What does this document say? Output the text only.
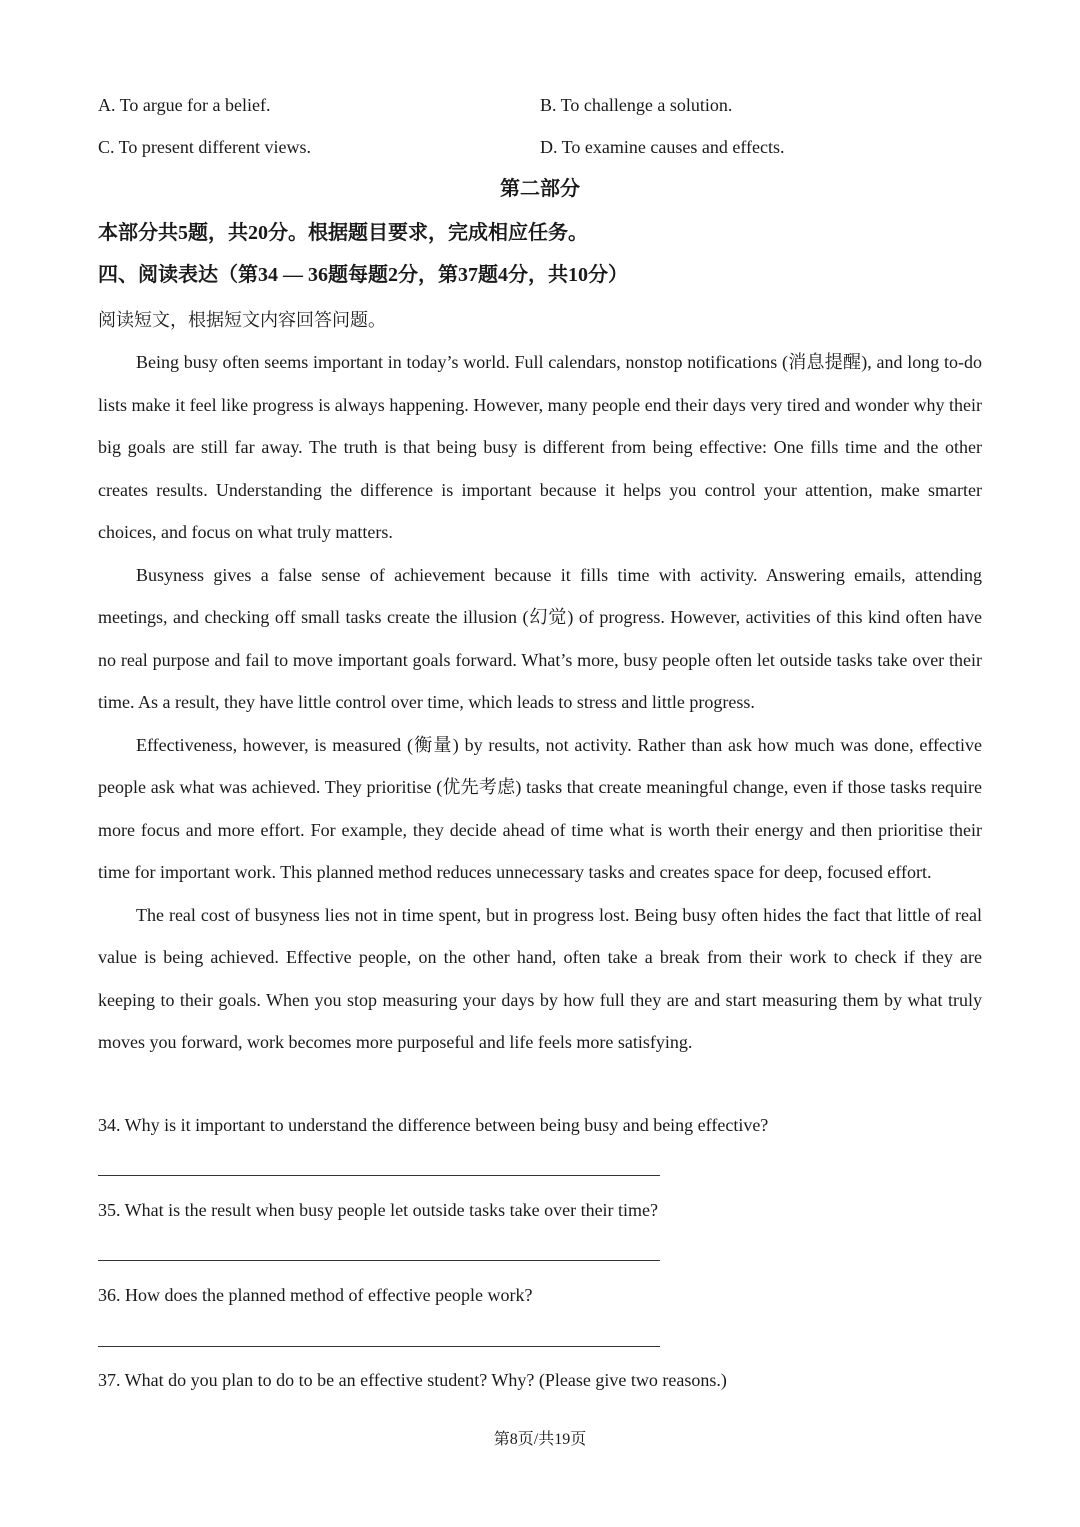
A. To argue for a belief.	B. To challenge a solution.
C. To present different views.	D. To examine causes and effects.
第二部分
本部分共5题，共20分。根据题目要求，完成相应任务。
四、阅读表达（第34 — 36题每题2分，第37题4分，共10分）
阅读短文，根据短文内容回答问题。

Being busy often seems important in today’s world. Full calendars, nonstop notifications (消息提醒), and long to-do lists make it feel like progress is always happening. However, many people end their days very tired and wonder why their big goals are still far away. The truth is that being busy is different from being effective: One fills time and the other creates results. Understanding the difference is important because it helps you control your attention, make smarter choices, and focus on what truly matters.

Busyness gives a false sense of achievement because it fills time with activity. Answering emails, attending meetings, and checking off small tasks create the illusion (幻觉) of progress. However, activities of this kind often have no real purpose and fail to move important goals forward. What’s more, busy people often let outside tasks take over their time. As a result, they have little control over time, which leads to stress and little progress.

Effectiveness, however, is measured (衡量) by results, not activity. Rather than ask how much was done, effective people ask what was achieved. They prioritise (优先考虑) tasks that create meaningful change, even if those tasks require more focus and more effort. For example, they decide ahead of time what is worth their energy and then prioritise their time for important work. This planned method reduces unnecessary tasks and creates space for deep, focused effort.

The real cost of busyness lies not in time spent, but in progress lost. Being busy often hides the fact that little of real value is being achieved. Effective people, on the other hand, often take a break from their work to check if they are keeping to their goals. When you stop measuring your days by how full they are and start measuring them by what truly moves you forward, work becomes more purposeful and life feels more satisfying.

34. Why is it important to understand the difference between being busy and being effective?
35. What is the result when busy people let outside tasks take over their time?
36. How does the planned method of effective people work?
37. What do you plan to do to be an effective student? Why? (Please give two reasons.)
第8页/共19页
